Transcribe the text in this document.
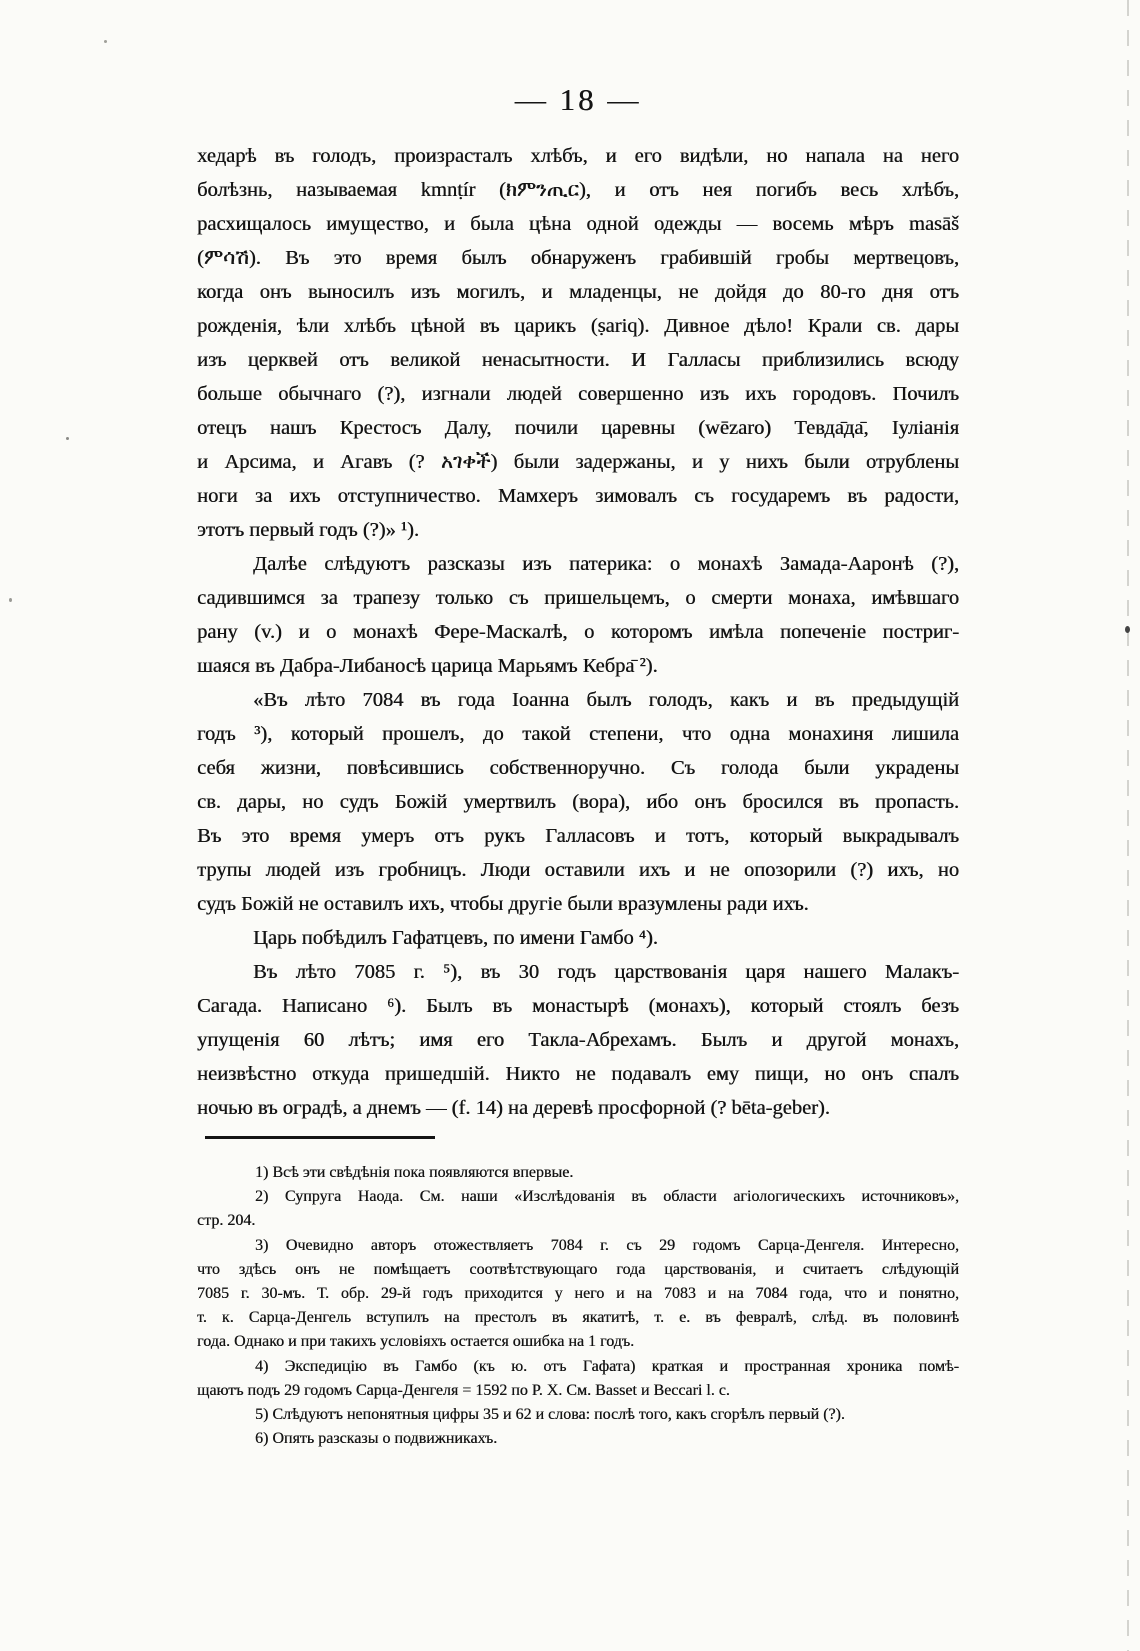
— 18 —
хедарѣ въ голодъ, произрасталъ хлѣбъ, и его видѣли, но напала на него
болѣзнь, называемая kmnṭír (ክምንጢር), и отъ нея погибъ весь хлѣбъ,
расхищалось имущество, и была цѣна одной одежды — восемь мѣръ masāš
(ምሳሽ). Въ это время былъ обнаруженъ грабившій гробы мертвецовъ,
когда онъ выносилъ изъ могилъ, и младенцы, не дойдя до 80-го дня отъ
рожденія, ѣли хлѣбъ цѣной въ царикъ (ṣariq). Дивное дѣло! Крали св. дары
изъ церквей отъ великой ненасытности. И Галласы приблизились всюду
больше обычнаго (?), изгнали людей совершенно изъ ихъ городовъ. Почилъ
отецъ нашъ Крестосъ Далу, почили царевны (wēzaro) Тевда̄да̄, Іуліанія
и Арсима, и Агавъ (? አገቀች) были задержаны, и у нихъ были отрублены
ноги за ихъ отступничество. Мамхеръ зимовалъ съ государемъ въ радости,
этотъ первый годъ (?)» ¹).
Далѣе слѣдуютъ разсказы изъ патерика: о монахѣ Замада-Ааронѣ (?),
садившимся за трапезу только съ пришельцемъ, о смерти монаха, имѣвшаго
рану (v.) и о монахѣ Фере-Маскалѣ, о которомъ имѣла попеченіе постриг-
шаяся въ Дабра-Либаносѣ царица Марьямъ Кебра̄ ²).
«Въ лѣто 7084 въ года Іоанна былъ голодъ, какъ и въ предыдущій
годъ ³), который прошелъ, до такой степени, что одна монахиня лишила
себя жизни, повѣсившись собственноручно. Съ голода были украдены
св. дары, но судъ Божій умертвилъ (вора), ибо онъ бросился въ пропасть.
Въ это время умеръ отъ рукъ Галласовъ и тотъ, который выкрадывалъ
трупы людей изъ гробницъ. Люди оставили ихъ и не опозорили (?) ихъ, но
судъ Божій не оставилъ ихъ, чтобы другіе были вразумлены ради ихъ.
Царь побѣдилъ Гафатцевъ, по имени Гамбо ⁴).
Въ лѣто 7085 г. ⁵), въ 30 годъ царствованія царя нашего Малакъ-
Сагада. Написано ⁶). Былъ въ монастырѣ (монахъ), который стоялъ безъ
упущенія 60 лѣтъ; имя его Такла-Абрехамъ. Былъ и другой монахъ,
неизвѣстно откуда пришедшій. Никто не подавалъ ему пищи, но онъ спалъ
ночью въ оградѣ, а днемъ — (f. 14) на деревѣ просфорной (? bēta-geber).
1) Всѣ эти свѣдѣнія пока появляются впервые.
2) Супруга Наода. См. наши «Изслѣдованія въ области агіологическихъ источниковъ»,
стр. 204.
3) Очевидно авторъ отожествляетъ 7084 г. съ 29 годомъ Сарца-Денгеля. Интересно,
что здѣсь онъ не помѣщаетъ соотвѣтствующаго года царствованія, и считаетъ слѣдующій
7085 г. 30-мъ. Т. обр. 29-й годъ приходится у него и на 7083 и на 7084 года, что и понятно,
т. к. Сарца-Денгель вступилъ на престолъ въ якатитѣ, т. е. въ февралѣ, слѣд. въ половинѣ
года. Однако и при такихъ условіяхъ остается ошибка на 1 годъ.
4) Экспедицію въ Гамбо (къ ю. отъ Гафата) краткая и пространная хроника помѣ-
щаютъ подъ 29 годомъ Сарца-Денгеля = 1592 по Р. Х. См. Basset и Beccari l. c.
5) Слѣдуютъ непонятныя цифры 35 и 62 и слова: послѣ того, какъ сгорѣлъ первый (?).
6) Опять разсказы о подвижникахъ.
